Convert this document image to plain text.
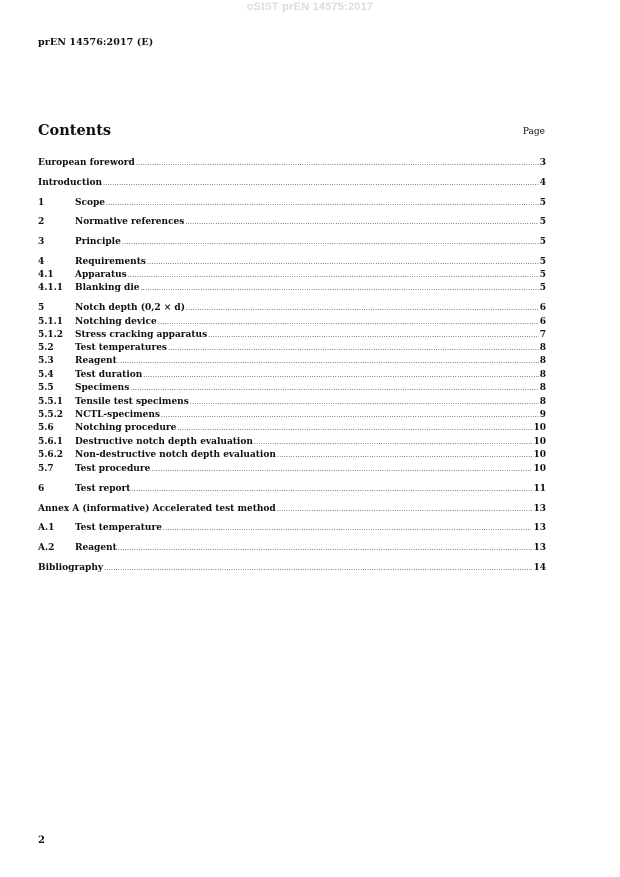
oSIST prEN 14575:2017
prEN 14576:2017 (E)
Contents	Page
European foreword .....	3
Introduction .....	4
1	Scope .....	5
2	Normative references .....	5
3	Principle .....	5
4	Requirements .....	5
4.1	Apparatus .....	5
4.1.1	Blanking die .....	5
5	Notch depth (0,2 × d) .....	6
5.1.1	Notching device .....	6
5.1.2	Stress cracking apparatus .....	7
5.2	Test temperatures .....	8
5.3	Reagent .....	8
5.4	Test duration .....	8
5.5	Specimens .....	8
5.5.1	Tensile test specimens .....	8
5.5.2	NCTL-specimens .....	9
5.6	Notching procedure .....	10
5.6.1	Destructive notch depth evaluation .....	10
5.6.2	Non-destructive notch depth evaluation .....	10
5.7	Test procedure .....	10
6	Test report .....	11
Annex A (informative) Accelerated test method .....	13
A.1	Test temperature .....	13
A.2	Reagent .....	13
Bibliography .....	14
2
